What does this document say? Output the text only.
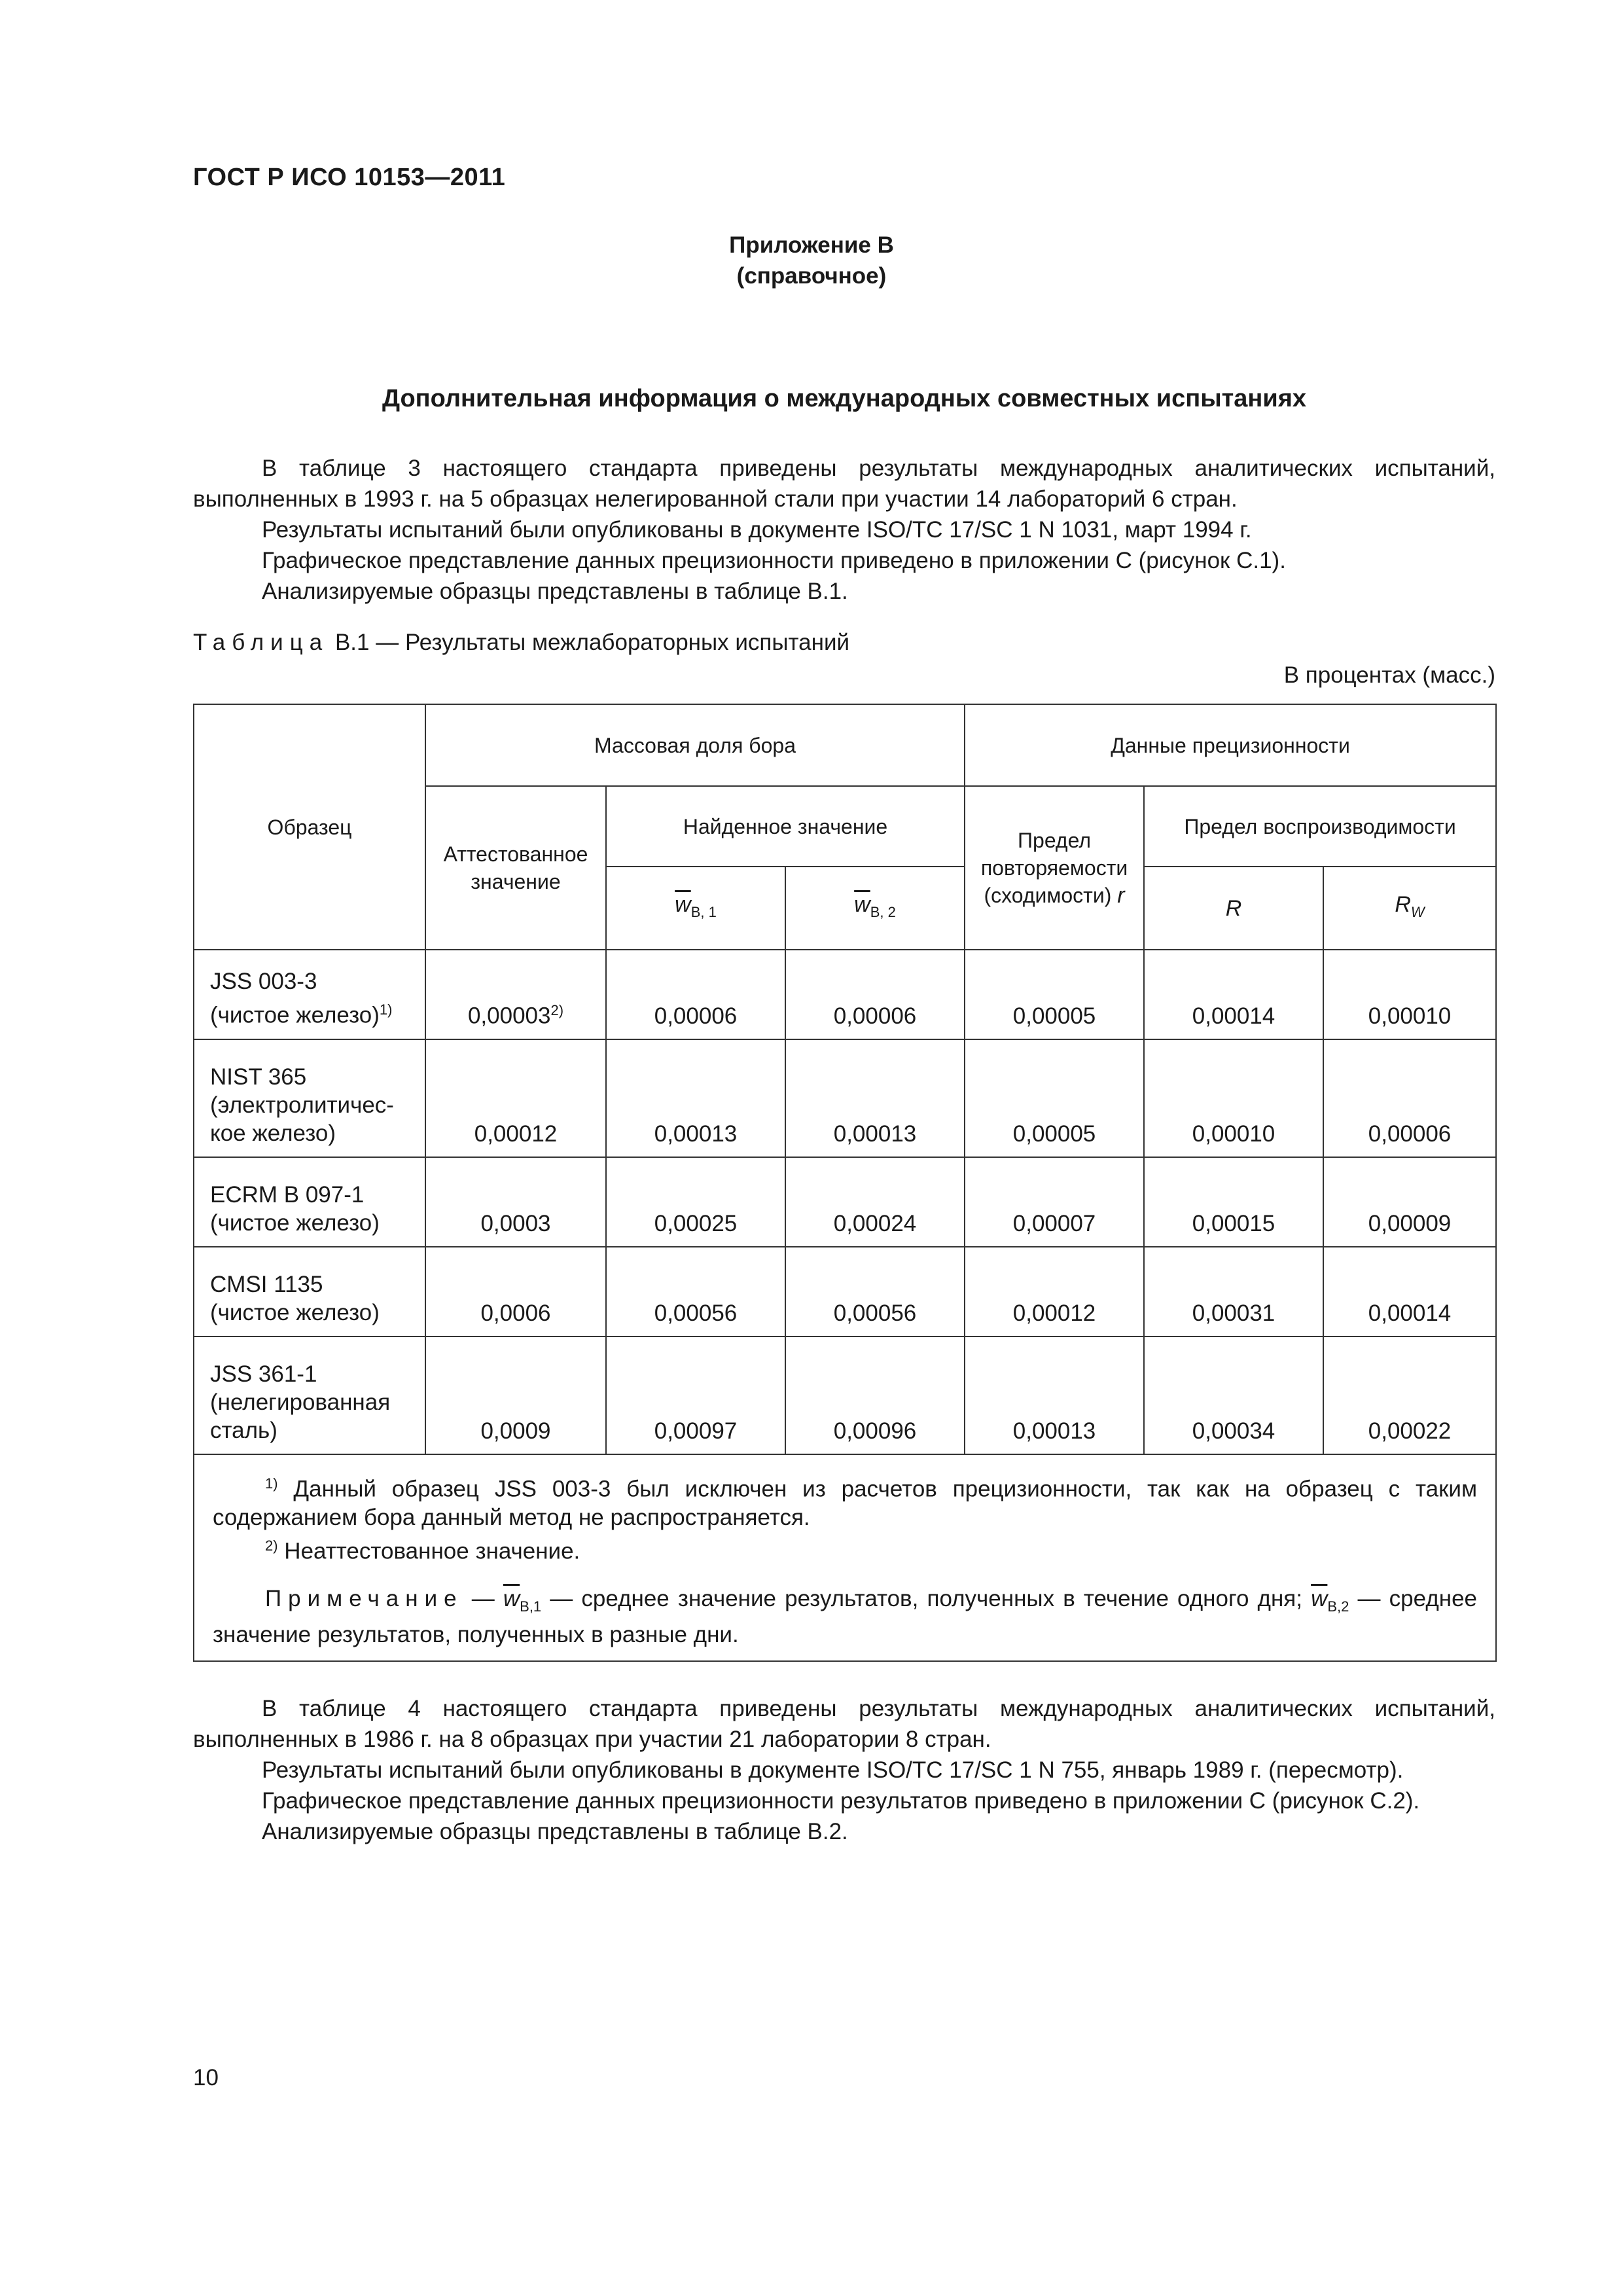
ГОСТ Р ИСО 10153—2011
Приложение В
(справочное)
Дополнительная информация о международных совместных испытаниях

В таблице 3 настоящего стандарта приведены результаты международных аналитических испытаний, выполненных в 1993 г. на 5 образцах нелегированной стали при участии 14 лабораторий 6 стран.

Результаты испытаний были опубликованы в документе ISO/TC 17/SC 1 N 1031, март 1994 г.

Графическое представление данных прецизионности приведено в приложении С (рисунок С.1).

Анализируемые образцы представлены в таблице В.1.

Таблица В.1 — Результаты межлабораторных испытаний
В процентах (масс.)
Образец	Массовая доля бора			Данные прецизионности		
	Аттестованное значение	Найденное значение		Предел повторяемости (сходимости) r	Предел воспроизводимости	
		$\overline{w}_{В, 1}$	$\overline{w}_{В, 2}$		R	$R_W$
JSS 003-3
(чистое железо)$^{1)}$	0,00003$^{2)}$	0,00006	0,00006	0,00005	0,00014	0,00010
NIST 365
(электролитичес-
кое железо)	0,00012	0,00013	0,00013	0,00005	0,00010	0,00006
ECRM B 097-1
(чистое железо)	0,0003	0,00025	0,00024	0,00007	0,00015	0,00009
CMSI 1135
(чистое железо)	0,0006	0,00056	0,00056	0,00012	0,00031	0,00014
JSS 361-1
(нелегированная
сталь)	0,0009	0,00097	0,00096	0,00013	0,00034	0,00022

$^{1)}$ Данный образец JSS 003-3 был исключен из расчетов прецизионности, так как на образец с таким содержанием бора данный метод не распространяется.

$^{2)}$ Неаттестованное значение.

Примечание — $\overline{w}_{В,1}$ — среднее значение результатов, полученных в течение одного дня; $\overline{w}_{В,2}$ — среднее значение результатов, полученных в разные дни.						

В таблице 4 настоящего стандарта приведены результаты международных аналитических испытаний, выполненных в 1986 г. на 8 образцах при участии 21 лаборатории 8 стран.

Результаты испытаний были опубликованы в документе ISO/TC 17/SC 1 N 755, январь 1989 г. (пересмотр).

Графическое представление данных прецизионности результатов приведено в приложении С (рисунок С.2).

Анализируемые образцы представлены в таблице В.2.

10
